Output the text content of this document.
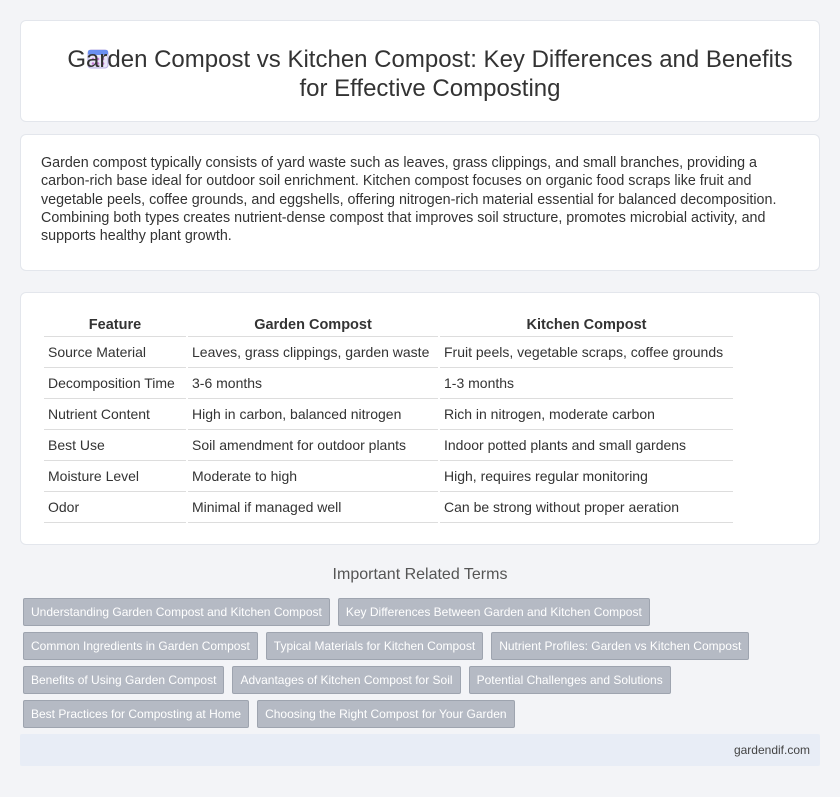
Garden Compost vs Kitchen Compost: Key Differences and Benefits for Effective Composting

Garden compost typically consists of yard waste such as leaves, grass clippings, and small branches, providing a carbon-rich base ideal for outdoor soil enrichment. Kitchen compost focuses on organic food scraps like fruit and vegetable peels, coffee grounds, and eggshells, offering nitrogen-rich material essential for balanced decomposition. Combining both types creates nutrient-dense compost that improves soil structure, promotes microbial activity, and supports healthy plant growth.

Feature	Garden Compost	Kitchen Compost
Source Material	Leaves, grass clippings, garden waste	Fruit peels, vegetable scraps, coffee grounds
Decomposition Time	3-6 months	1-3 months
Nutrient Content	High in carbon, balanced nitrogen	Rich in nitrogen, moderate carbon
Best Use	Soil amendment for outdoor plants	Indoor potted plants and small gardens
Moisture Level	Moderate to high	High, requires regular monitoring
Odor	Minimal if managed well	Can be strong without proper aeration
Important Related Terms
Understanding Garden Compost and Kitchen Compost	Key Differences Between Garden and Kitchen Compost
Common Ingredients in Garden Compost	Typical Materials for Kitchen Compost	Nutrient Profiles: Garden vs Kitchen Compost
Benefits of Using Garden Compost	Advantages of Kitchen Compost for Soil	Potential Challenges and Solutions
Best Practices for Composting at Home	Choosing the Right Compost for Your Garden
gardendif.com
